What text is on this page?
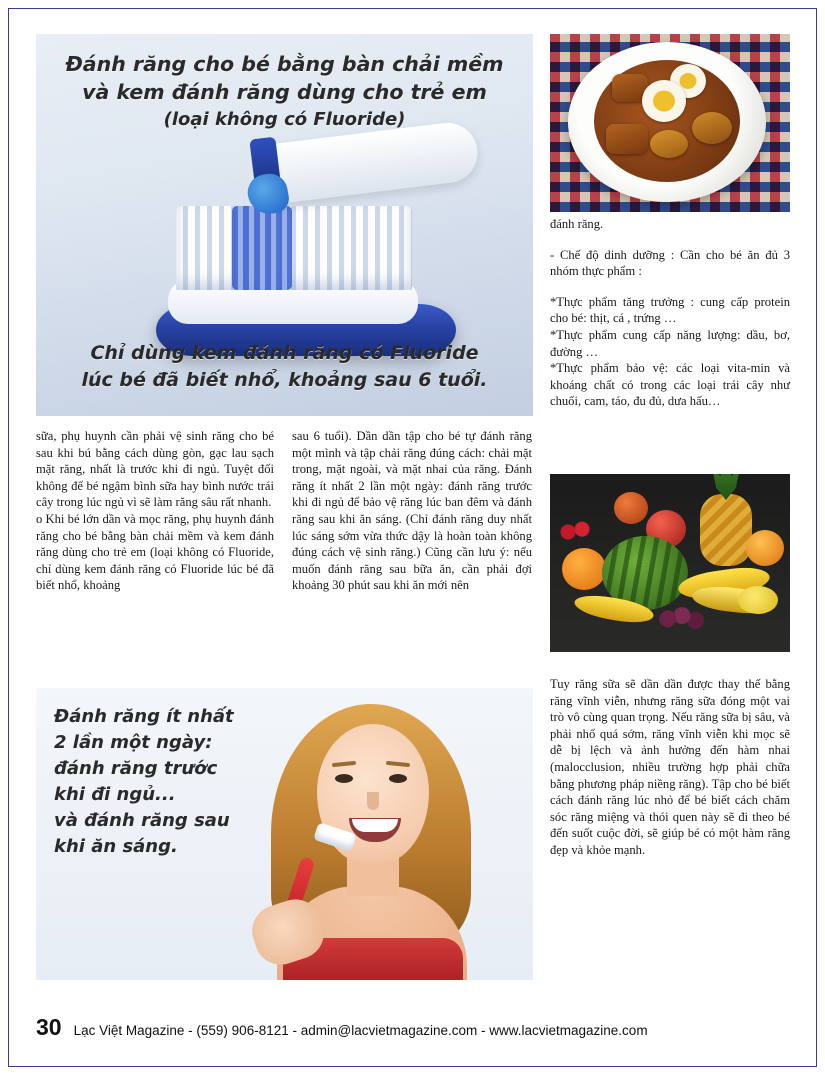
Đánh răng cho bé bằng bàn chải mềm
và kem đánh răng dùng cho trẻ em
(loại không có Fluoride)
Chỉ dùng kem đánh răng có Fluoride
lúc bé đã biết nhổ, khoảng sau 6 tuổi.

đánh răng.

- Chế độ dinh dưỡng : Cần cho bé ăn đủ 3 nhóm thực phẩm :

*Thực phẩm tăng trưởng : cung cấp protein cho bé: thịt, cá , trứng …

*Thực phẩm cung cấp năng lượng: dầu, bơ, đường …

*Thực phẩm bảo vệ: các loại vita-min và khoáng chất có trong các loại trái cây như chuối, cam, táo, đu đủ, dưa hấu…

sữa, phụ huynh cần phải vệ sinh răng cho bé sau khi bú bằng cách dùng gòn, gạc lau sạch mặt răng, nhất là trước khi đi ngủ. Tuyệt đối không để bé ngậm bình sữa hay bình nước trái cây trong lúc ngủ vì sẽ làm răng sâu rất nhanh.

o Khi bé lớn dần và mọc răng, phụ huynh đánh răng cho bé bằng bàn chải mềm và kem đánh răng dùng cho trẻ em (loại không có Fluoride, chỉ dùng kem đánh răng có Fluoride lúc bé đã biết nhổ, khoảng

sau 6 tuổi). Dần dần tập cho bé tự đánh răng một mình và tập chải răng đúng cách: chải mặt trong, mặt ngoài, và mặt nhai của răng. Đánh răng ít nhất 2 lần một ngày: đánh răng trước khi đi ngủ để bảo vệ răng lúc ban đêm và đánh răng sau khi ăn sáng. (Chỉ đánh răng duy nhất lúc sáng sớm vừa thức dậy là hoàn toàn không đúng cách vệ sinh răng.) Cũng cần lưu ý: nếu muốn đánh răng sau bữa ăn, cần phải đợi khoảng 30 phút sau khi ăn mới nên

Đánh răng ít nhất
2 lần một ngày:
đánh răng trước
khi đi ngủ...
và đánh răng sau
khi ăn sáng.

Tuy răng sữa sẽ dần dần được thay thế bằng răng vĩnh viễn, nhưng răng sữa đóng một vai trò vô cùng quan trọng. Nếu răng sữa bị sâu, và phải nhổ quá sớm, răng vĩnh viễn khi mọc sẽ dễ bị lệch và ảnh hưởng đến hàm nhai (malocclusion, nhiều trường hợp phải chữa bằng phương pháp niềng răng). Tập cho bé biết cách đánh răng lúc nhỏ để bé biết cách chăm sóc răng miệng và thói quen này sẽ đi theo bé đến suốt cuộc đời, sẽ giúp bé có một hàm răng đẹp và khỏe mạnh.

30 Lạc Việt Magazine - (559) 906-8121 - admin@lacvietmagazine.com - www.lacvietmagazine.com
